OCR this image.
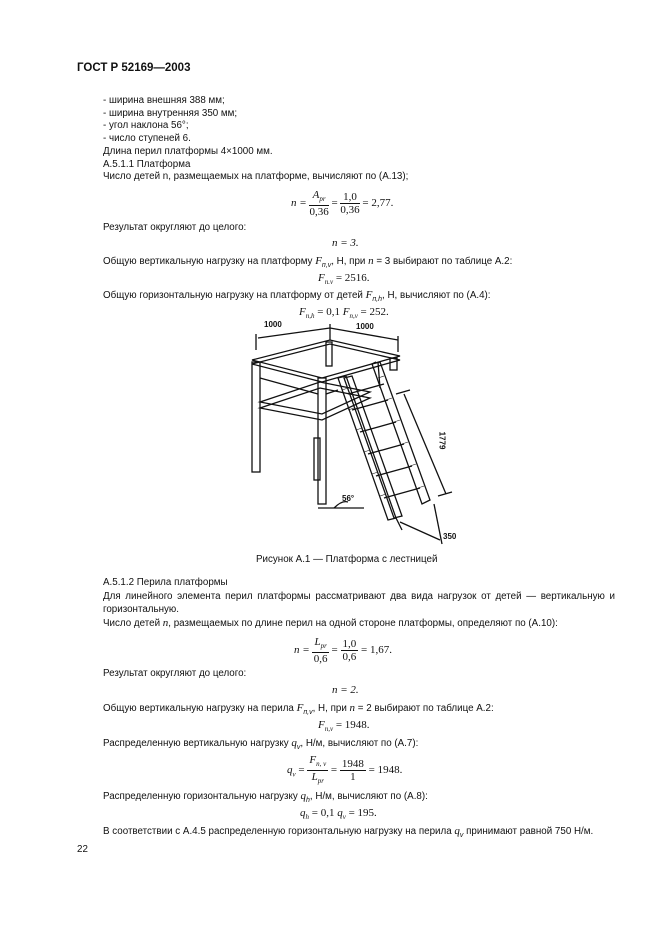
ГОСТ Р 52169—2003
- ширина внешняя 388 мм;
- ширина внутренняя 350 мм;
- угол наклона 56°;
- число ступеней 6.
Длина перил платформы 4×1000 мм.
А.5.1.1 Платформа
Число детей n, размещаемых на платформе, вычисляют по (А.13);
$n = \frac{A_{pr}}{0,36} = \frac{1,0}{0,36} = 2,77$.
Результат округляют до целого:
n = 3.
Общую вертикальную нагрузку на платформу $F_{п,v}$, Н, при n = 3 выбирают по таблице А.2:
$F_{п.v} = 2516$.
Общую горизонтальную нагрузку на платформу от детей $F_{п,h}$, Н, вычисляют по (А.4):
$F_{п,h} = 0,1$ $F_{п,v} = 252$.
1000	1000
1779
350
56°
Рисунок А.1 — Платформа с лестницей
А.5.1.2 Перила платформы
Для линейного элемента перил платформы рассматривают два вида нагрузок от детей — вертикальную и горизонтальную.
Число детей n, размещаемых по длине перил на одной стороне платформы, определяют по (А.10):
$n = \frac{L_{pr}}{0,6} = \frac{1,0}{0,6} = 1,67$.
Результат округляют до целого:
n = 2.
Общую вертикальную нагрузку на перила $F_{п,v}$, Н, при n = 2 выбирают по таблице А.2:
$F_{п,v} = 1948$.
Распределенную вертикальную нагрузку $q_v$, Н/м, вычисляют по (А.7):
$q_v = \frac{F_{п, v}}{L_{pr}} = \frac{1948}{1} = 1948$.
Распределенную горизонтальную нагрузку $q_h$, Н/м, вычисляют по (А.8):
$q_h = 0,1$ $q_v = 195$.
В соответствии с А.4.5 распределенную горизонтальную нагрузку на перила $q_v$ принимают равной 750 Н/м.
22
